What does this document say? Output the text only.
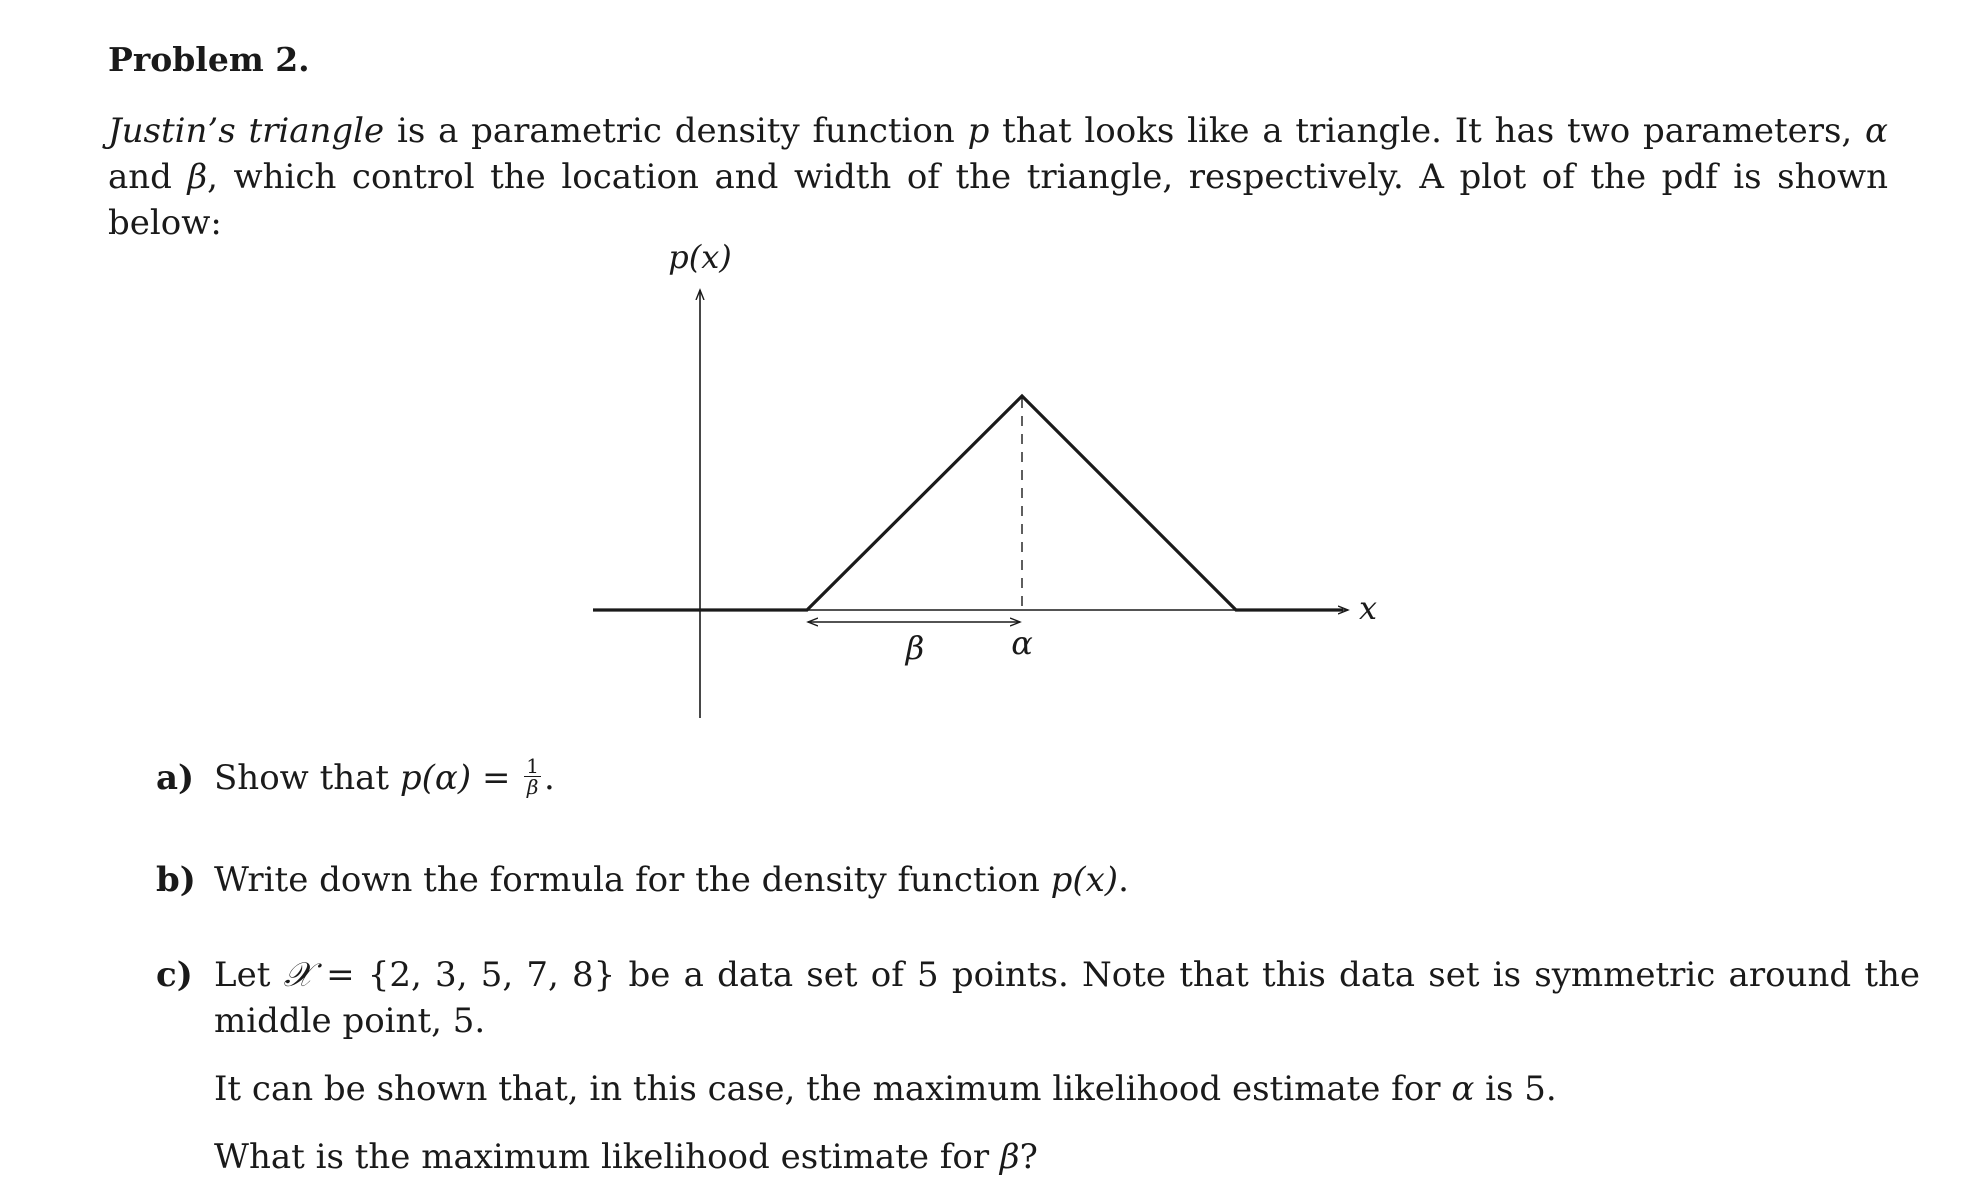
Problem 2.
Justin’s triangle is a parametric density function p that looks like a triangle. It has two parameters, α and β, which control the location and width of the triangle, respectively. A plot of the pdf is shown below:
p(x)
x
β	α
a) Show that $p(\alpha) = \frac{1}{\beta}$ .
b) Write down the formula for the density function p(x).
c) Let 𝒳 = {2, 3, 5, 7, 8} be a data set of 5 points. Note that this data set is symmetric around the
middle point, 5.
It can be shown that, in this case, the maximum likelihood estimate for α is 5.
What is the maximum likelihood estimate for β?
